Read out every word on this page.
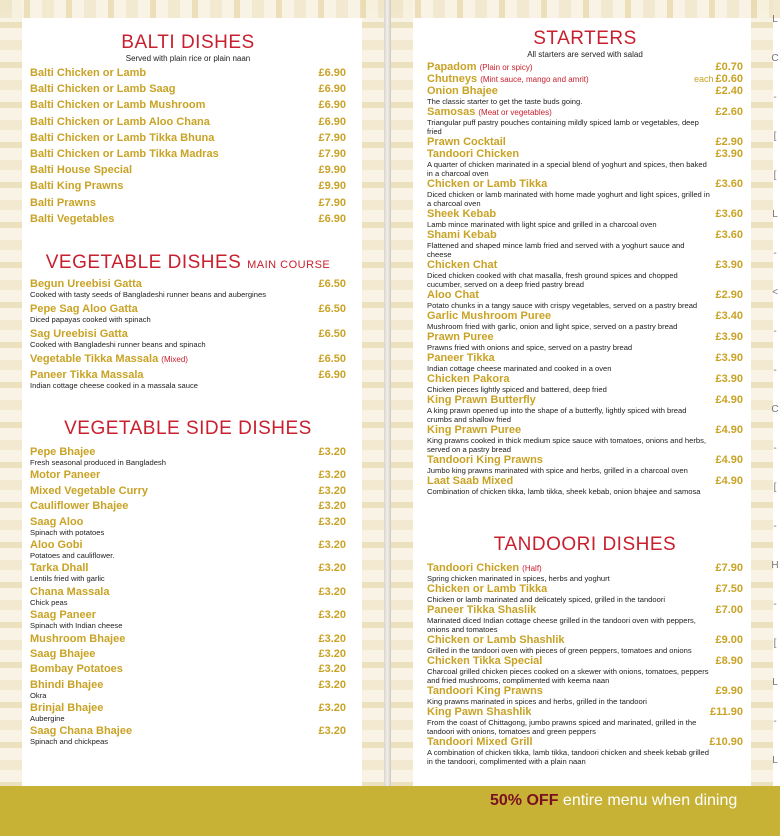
BALTI DISHES

Served with plain rice or plain naan

Balti Chicken or Lamb	£6.90
Balti Chicken or Lamb Saag	£6.90
Balti Chicken or Lamb Mushroom	£6.90
Balti Chicken or Lamb Aloo Chana	£6.90
Balti Chicken or Lamb Tikka Bhuna	£7.90
Balti Chicken or Lamb Tikka Madras	£7.90
Balti House Special	£9.90
Balti King Prawns	£9.90
Balti Prawns	£7.90
Balti Vegetables	£6.90
VEGETABLE DISHES MAIN COURSE
Begun Ureebisi Gatta	£6.50
Cooked with tasty seeds of Bangladeshi runner beans and aubergines
Pepe Sag Aloo Gatta	£6.50
Diced papayas cooked with spinach
Sag Ureebisi Gatta	£6.50
Cooked with Bangladeshi runner beans and spinach
Vegetable Tikka Massala (Mixed)	£6.50
Paneer Tikka Massala	£6.90
Indian cottage cheese cooked in a massala sauce
VEGETABLE SIDE DISHES
Pepe Bhajee	£3.20
Fresh seasonal produced in Bangladesh
Motor Paneer	£3.20
Mixed Vegetable Curry	£3.20
Cauliflower Bhajee	£3.20
Saag Aloo	£3.20
Spinach with potatoes
Aloo Gobi	£3.20
Potatoes and cauliflower.
Tarka Dhall	£3.20
Lentils fried with garlic
Chana Massala	£3.20
Chick peas
Saag Paneer	£3.20
Spinach with Indian cheese
Mushroom Bhajee	£3.20
Saag Bhajee	£3.20
Bombay Potatoes	£3.20
Bhindi Bhajee	£3.20
Okra
Brinjal Bhajee	£3.20
Aubergine
Saag Chana Bhajee	£3.20
Spinach and chickpeas
STARTERS

All starters are served with salad

Papadom (Plain or spicy)	£0.70
Chutneys (Mint sauce, mango and amrit)	each £0.60
Onion Bhajee	£2.40
The classic starter to get the taste buds going.
Samosas (Meat or vegetables)	£2.60
Triangular puff pastry pouches containing mildly spiced lamb or vegetables, deep fried
Prawn Cocktail	£2.90
Tandoori Chicken	£3.90
A quarter of chicken marinated in a special blend of yoghurt and spices, then baked in a charcoal oven
Chicken or Lamb Tikka	£3.60
Diced chicken or lamb marinated with home made yoghurt and light spices, grilled in a charcoal oven
Sheek Kebab	£3.60
Lamb mince marinated with light spice and grilled in a charcoal oven
Shami Kebab	£3.60
Flattened and shaped mince lamb fried and served with a yoghurt sauce and cheese
Chicken Chat	£3.90
Diced chicken cooked with chat masalla, fresh ground spices and chopped cucumber, served on a deep fried pastry bread
Aloo Chat	£2.90
Potato chunks in a tangy sauce with crispy vegetables, served on a pastry bread
Garlic Mushroom Puree	£3.40
Mushroom fried with garlic, onion and light spice, served on a pastry bread
Prawn Puree	£3.90
Prawns fried with onions and spice, served on a pastry bread
Paneer Tikka	£3.90
Indian cottage cheese marinated and cooked in a oven
Chicken Pakora	£3.90
Chicken pieces lightly spiced and battered, deep fried
King Prawn Butterfly	£4.90
A king prawn opened up into the shape of a butterfly, lightly spiced with bread crumbs and shallow fried
King Prawn Puree	£4.90
King prawns cooked in thick medium spice sauce with tomatoes, onions and herbs, served on a pastry bread
Tandoori King Prawns	£4.90
Jumbo king prawns marinated with spice and herbs, grilled in a charcoal oven
Laat Saab Mixed	£4.90
Combination of chicken tikka, lamb tikka, sheek kebab, onion bhajee and samosa
TANDOORI DISHES
Tandoori Chicken (Half)	£7.90
Spring chicken marinated in spices, herbs and yoghurt
Chicken or Lamb Tikka	£7.50
Chicken or lamb marinated and delicately spiced, grilled in the tandoori
Paneer Tikka Shaslik	£7.00
Marinated diced Indian cottage cheese grilled in the tandoori oven with peppers, onions and tomatoes
Chicken or Lamb Shashlik	£9.00
Grilled in the tandoori oven with pieces of green peppers, tomatoes and onions
Chicken Tikka Special	£8.90
Charcoal grilled chicken pieces cooked on a skewer with onions, tomatoes, peppers and fried mushrooms, complimented with keema naan
Tandoori King Prawns	£9.90
King prawns marinated in spices and herbs, grilled in the tandoori
King Pawn Shashlik	£11.90
From the coast of Chittagong, jumbo prawns spiced and marinated, grilled in the tandoori with onions, tomatoes and green peppers
Tandoori Mixed Grill	£10.90
A combination of chicken tikka, lamb tikka, tandoori chicken and sheek kebab grilled in the tandoori, complimented with a plain naan
L
C
-
[
[
L
-
<
-
-
C
-
[
-
H
-
[
L
-
L
50% OFF entire menu when dining
